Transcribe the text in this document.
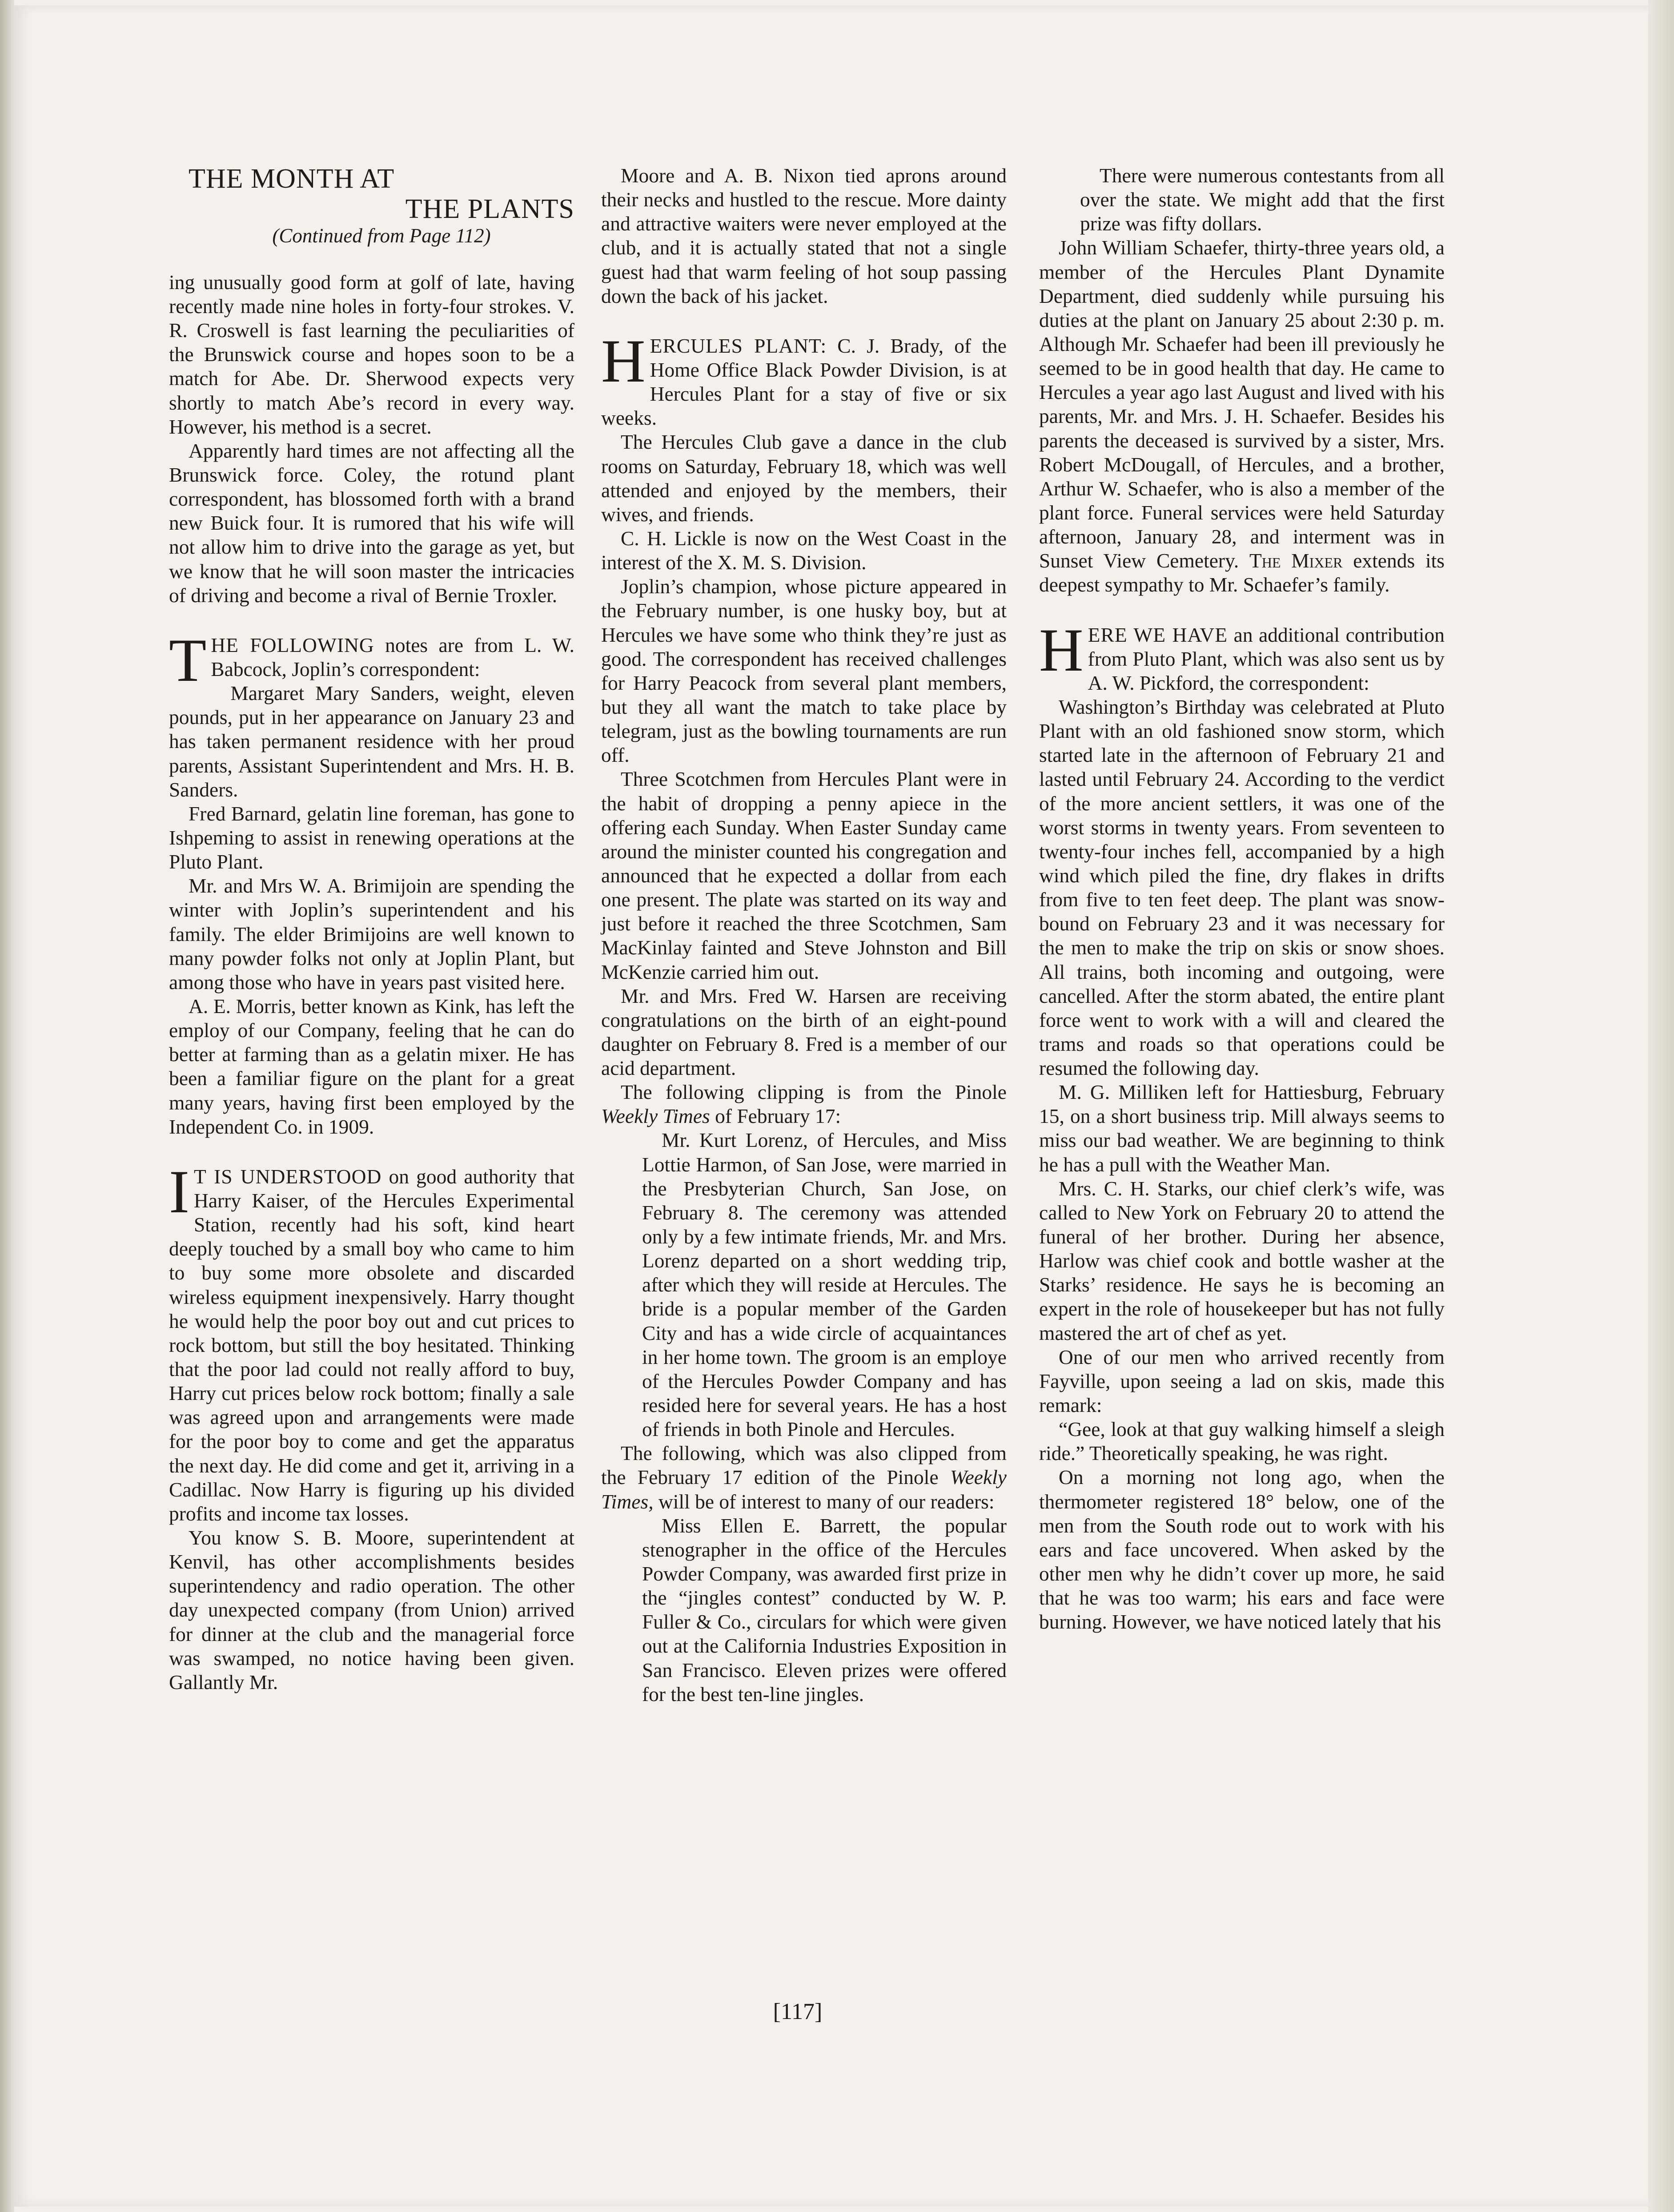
THE MONTH AT

THE PLANTS

(Continued from Page 112)

ing unusually good form at golf of late, having recently made nine holes in forty-four strokes. V. R. Croswell is fast learning the peculiarities of the Brunswick course and hopes soon to be a match for Abe. Dr. Sherwood expects very shortly to match Abe’s record in every way. However, his method is a secret.

Apparently hard times are not affecting all the Brunswick force. Coley, the rotund plant correspondent, has blossomed forth with a brand new Buick four. It is rumored that his wife will not allow him to drive into the garage as yet, but we know that he will soon master the intricacies of driving and become a rival of Bernie Troxler.

THE FOLLOWING notes are from L. W. Babcock, Joplin’s correspondent:

Margaret Mary Sanders, weight, eleven pounds, put in her appearance on January 23 and has taken permanent residence with her proud parents, Assistant Superintendent and Mrs. H. B. Sanders.

Fred Barnard, gelatin line foreman, has gone to Ishpeming to assist in renewing operations at the Pluto Plant.

Mr. and Mrs W. A. Brimijoin are spending the winter with Joplin’s superintendent and his family. The elder Brimijoins are well known to many powder folks not only at Joplin Plant, but among those who have in years past visited here.

A. E. Morris, better known as Kink, has left the employ of our Company, feeling that he can do better at farming than as a gelatin mixer. He has been a familiar figure on the plant for a great many years, having first been employed by the Independent Co. in 1909.

I T IS UNDERSTOOD on good authority that Harry Kaiser, of the Hercules Experimental Station, recently had his soft, kind heart deeply touched by a small boy who came to him to buy some more obsolete and discarded wireless equipment inexpensively. Harry thought he would help the poor boy out and cut prices to rock bottom, but still the boy hesitated. Thinking that the poor lad could not really afford to buy, Harry cut prices below rock bottom; finally a sale was agreed upon and arrangements were made for the poor boy to come and get the apparatus the next day. He did come and get it, arriving in a Cadillac. Now Harry is figuring up his divided profits and income tax losses.

You know S. B. Moore, superintendent at Kenvil, has other accomplishments besides superintendency and radio operation. The other day unexpected company (from Union) arrived for dinner at the club and the managerial force was swamped, no notice having been given. Gallantly Mr.

Moore and A. B. Nixon tied aprons around their necks and hustled to the rescue. More dainty and attractive waiters were never employed at the club, and it is actually stated that not a single guest had that warm feeling of hot soup passing down the back of his jacket.

HERCULES PLANT: C. J. Brady, of the Home Office Black Powder Division, is at Hercules Plant for a stay of five or six weeks.

The Hercules Club gave a dance in the club rooms on Saturday, February 18, which was well attended and enjoyed by the members, their wives, and friends.

C. H. Lickle is now on the West Coast in the interest of the X. M. S. Division.

Joplin’s champion, whose picture appeared in the February number, is one husky boy, but at Hercules we have some who think they’re just as good. The correspondent has received challenges for Harry Peacock from several plant members, but they all want the match to take place by telegram, just as the bowling tournaments are run off.

Three Scotchmen from Hercules Plant were in the habit of dropping a penny apiece in the offering each Sunday. When Easter Sunday came around the minister counted his congregation and announced that he expected a dollar from each one present. The plate was started on its way and just before it reached the three Scotchmen, Sam MacKinlay fainted and Steve Johnston and Bill McKenzie carried him out.

Mr. and Mrs. Fred W. Harsen are receiving congratulations on the birth of an eight-pound daughter on February 8. Fred is a member of our acid department.

The following clipping is from the Pinole Weekly Times of February 17:

Mr. Kurt Lorenz, of Hercules, and Miss Lottie Harmon, of San Jose, were married in the Presbyterian Church, San Jose, on February 8. The ceremony was attended only by a few intimate friends, Mr. and Mrs. Lorenz departed on a short wedding trip, after which they will reside at Hercules. The bride is a popular member of the Garden City and has a wide circle of acquaintances in her home town. The groom is an employe of the Hercules Powder Company and has resided here for several years. He has a host of friends in both Pinole and Hercules.

The following, which was also clipped from the February 17 edition of the Pinole Weekly Times, will be of interest to many of our readers:

Miss Ellen E. Barrett, the popular stenographer in the office of the Hercules Powder Company, was awarded first prize in the “jingles contest” conducted by W. P. Fuller & Co., circulars for which were given out at the California Industries Exposition in San Francisco. Eleven prizes were offered for the best ten-line jingles.

There were numerous contestants from all over the state. We might add that the first prize was fifty dollars.

John William Schaefer, thirty-three years old, a member of the Hercules Plant Dynamite Department, died suddenly while pursuing his duties at the plant on January 25 about 2:30 p. m. Although Mr. Schaefer had been ill previously he seemed to be in good health that day. He came to Hercules a year ago last August and lived with his parents, Mr. and Mrs. J. H. Schaefer. Besides his parents the deceased is survived by a sister, Mrs. Robert McDougall, of Hercules, and a brother, Arthur W. Schaefer, who is also a member of the plant force. Funeral services were held Saturday afternoon, January 28, and interment was in Sunset View Cemetery. The Mixer extends its deepest sympathy to Mr. Schaefer’s family.

HERE WE HAVE an additional contribution from Pluto Plant, which was also sent us by A. W. Pickford, the correspondent:

Washington’s Birthday was celebrated at Pluto Plant with an old fashioned snow storm, which started late in the afternoon of February 21 and lasted until February 24. According to the verdict of the more ancient settlers, it was one of the worst storms in twenty years. From seventeen to twenty-four inches fell, accompanied by a high wind which piled the fine, dry flakes in drifts from five to ten feet deep. The plant was snow-bound on February 23 and it was necessary for the men to make the trip on skis or snow shoes. All trains, both incoming and outgoing, were cancelled. After the storm abated, the entire plant force went to work with a will and cleared the trams and roads so that operations could be resumed the following day.

M. G. Milliken left for Hattiesburg, February 15, on a short business trip. Mill always seems to miss our bad weather. We are beginning to think he has a pull with the Weather Man.

Mrs. C. H. Starks, our chief clerk’s wife, was called to New York on February 20 to attend the funeral of her brother. During her absence, Harlow was chief cook and bottle washer at the Starks’ residence. He says he is becoming an expert in the role of housekeeper but has not fully mastered the art of chef as yet.

One of our men who arrived recently from Fayville, upon seeing a lad on skis, made this remark:

“Gee, look at that guy walking himself a sleigh ride.” Theoretically speaking, he was right.

On a morning not long ago, when the thermometer registered 18° below, one of the men from the South rode out to work with his ears and face uncovered. When asked by the other men why he didn’t cover up more, he said that he was too warm; his ears and face were burning. However, we have noticed lately that his

[117]
